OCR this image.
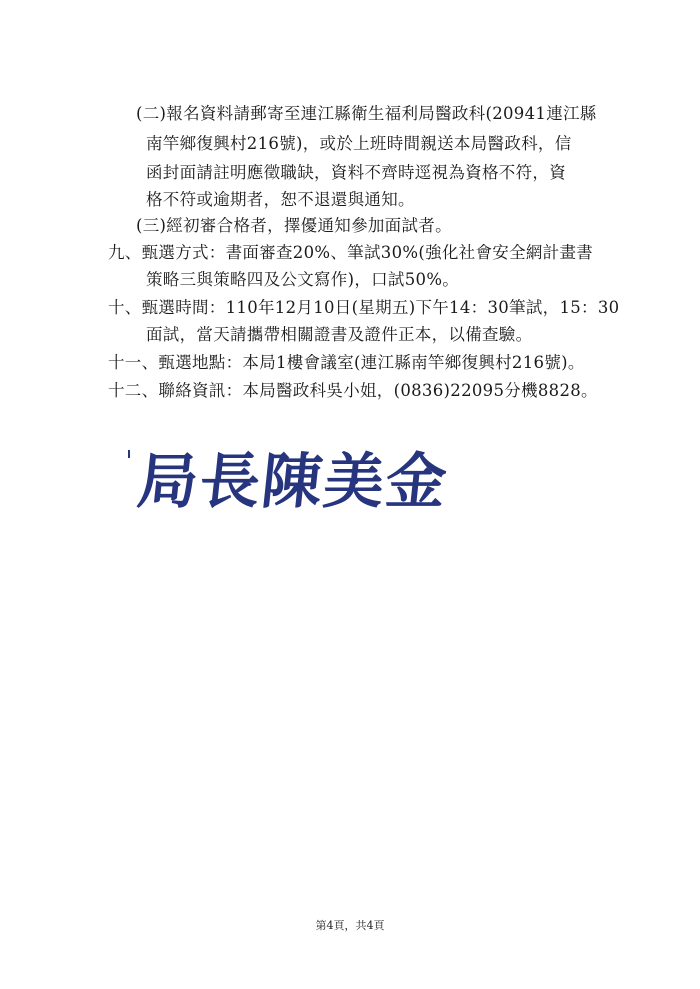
(二)報名資料請郵寄至連江縣衛生福利局醫政科(20941連江縣
南竿鄉復興村216號)，或於上班時間親送本局醫政科，信
函封面請註明應徵職缺，資料不齊時逕視為資格不符，資
格不符或逾期者，恕不退還與通知。
(三)經初審合格者，擇優通知參加面試者。
九、甄選方式：書面審查20%、筆試30%(強化社會安全網計畫書
策略三與策略四及公文寫作)，口試50%。
十、甄選時間：110年12月10日(星期五)下午14：30筆試，15：30
面試，當天請攜帶相關證書及證件正本，以備查驗。
十一、甄選地點：本局1樓會議室(連江縣南竿鄉復興村216號)。
十二、聯絡資訊：本局醫政科吳小姐，(0836)22095分機8828。
局長陳美金
第4頁，共4頁
